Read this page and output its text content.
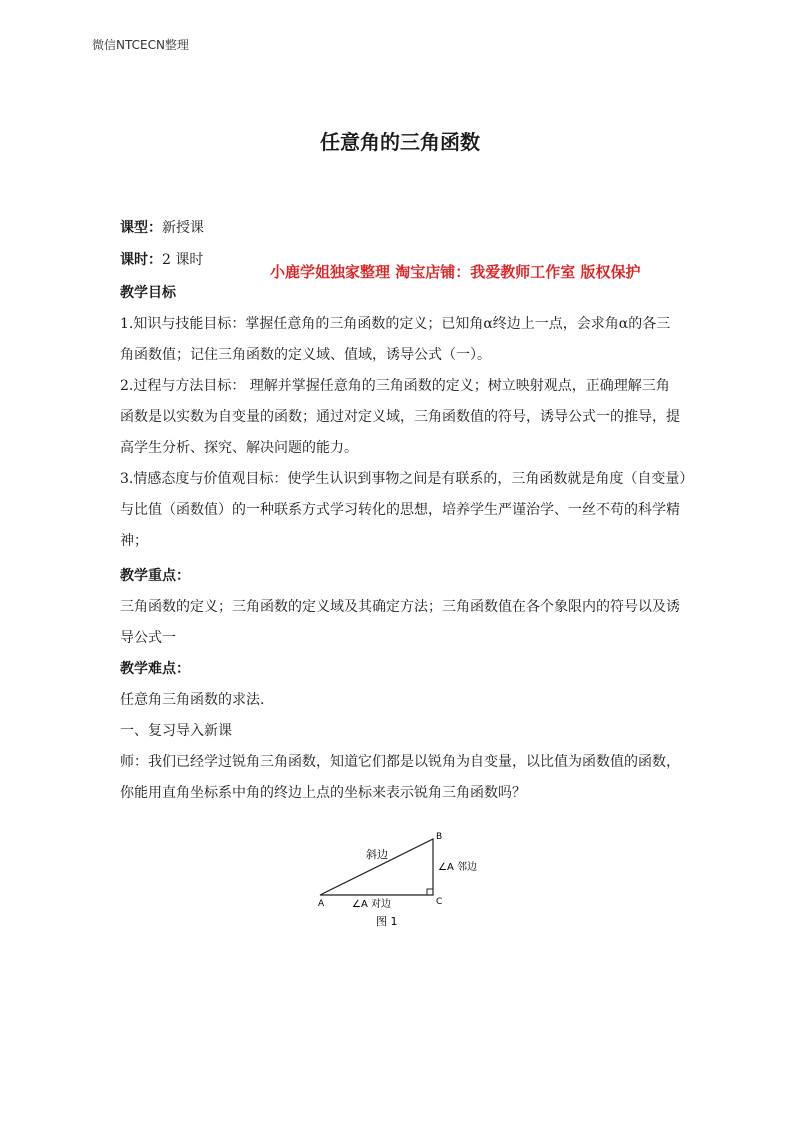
微信NTCECN整理
任意角的三角函数
课型：新授课
课时：2 课时
小鹿学姐独家整理 淘宝店铺：我爱教师工作室 版权保护
教学目标
1.知识与技能目标：掌握任意角的三角函数的定义；已知角α终边上一点，会求角α的各三
角函数值；记住三角函数的定义域、值域，诱导公式（一）。
2.过程与方法目标： 理解并掌握任意角的三角函数的定义；树立映射观点，正确理解三角
函数是以实数为自变量的函数；通过对定义域，三角函数值的符号，诱导公式一的推导，提
高学生分析、探究、解决问题的能力。
3.情感态度与价值观目标：使学生认识到事物之间是有联系的，三角函数就是角度（自变量）
与比值（函数值）的一种联系方式学习转化的思想，培养学生严谨治学、一丝不苟的科学精
神；
教学重点：
三角函数的定义；三角函数的定义域及其确定方法；三角函数值在各个象限内的符号以及诱
导公式一
教学难点：
任意角三角函数的求法.
一、复习导入新课
师：我们已经学过锐角三角函数，知道它们都是以锐角为自变量，以比值为函数值的函数，
你能用直角坐标系中角的终边上点的坐标来表示锐角三角函数吗？
A
B
C
斜边
∠A 邻边
∠A 对边
图 1
